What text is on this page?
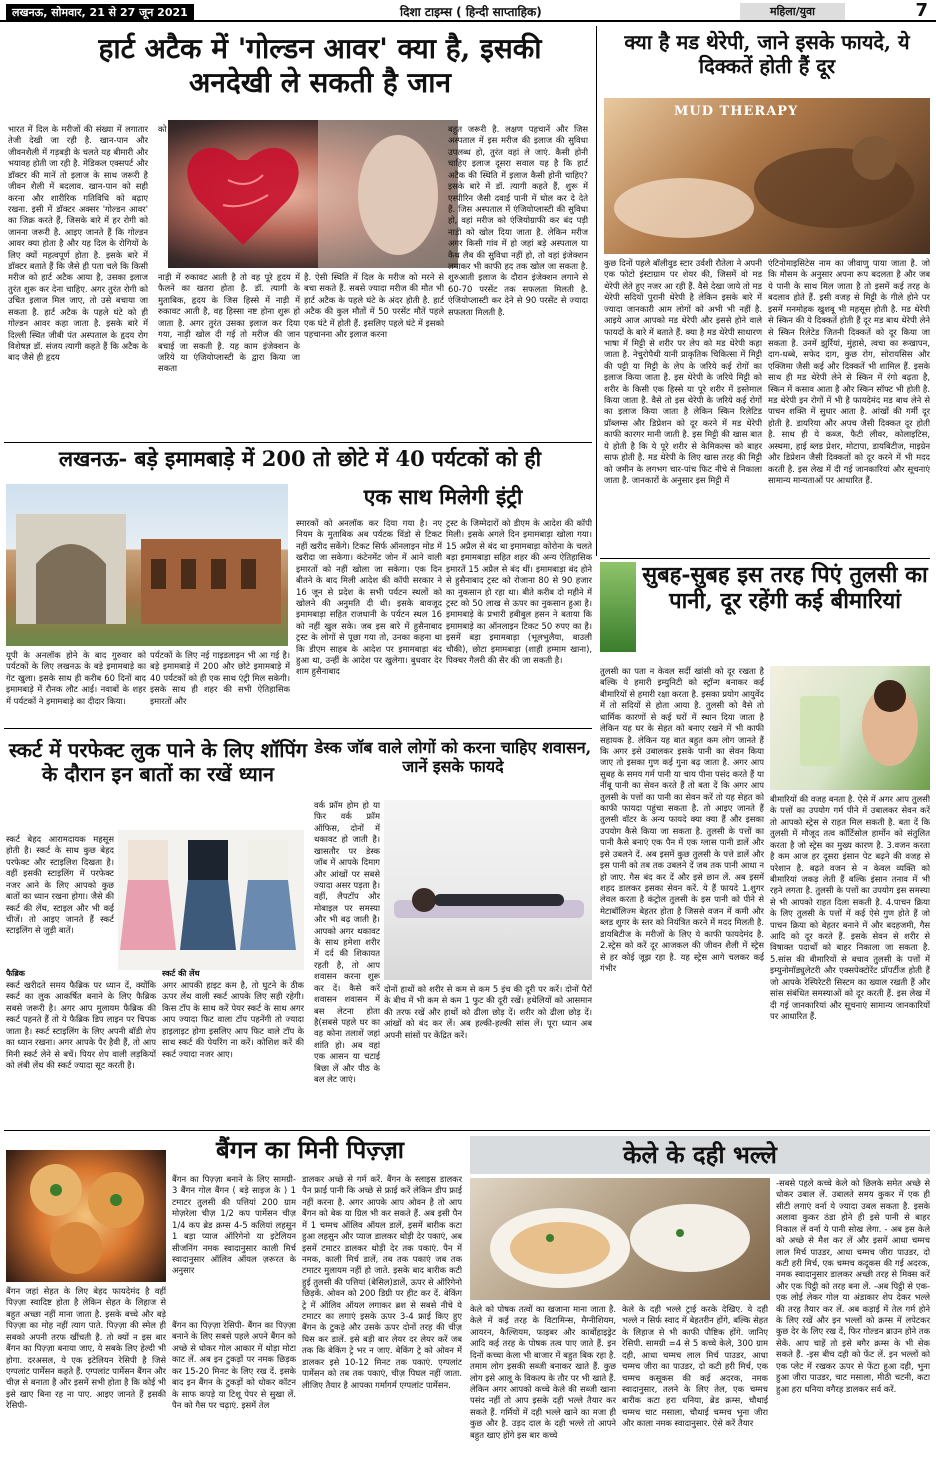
लखनऊ, सोमवार, 21 से 27 जून 2021	दिशा टाइम्स ( हिन्दी साप्ताहिक)	महिला/युवा	7
हार्ट अटैक में 'गोल्डन आवर' क्या है, इसकी अनदेखी ले सकती है जान
भारत में दिल के मरीजों की संख्या में लगातार तेजी देखी जा रही है. खान-पान और जीवनशैली में गड़बड़ी के चलते यह बीमारी और भयावह होती जा रही है. मेडिकल एक्सपर्ट और डॉक्टर की मानें तो इलाज के साथ जरूरी है जीवन शैली में बदलाव. खान-पान को सही करना और शारीरिक गतिविधि को बढ़ाए रखना. इसी में डॉक्टर अक्सर 'गोल्डन आवर' का जिक्र करते हैं, जिसके बारे में हर रोगी को जानना जरूरी है. आइए जानते हैं कि गोल्डन आवर क्या होता है और यह दिल के रोगियों के लिए क्यों महत्वपूर्ण होता है. इसके बारे में डॉक्टर बताते हैं कि जैसे ही पता चले कि किसी मरीज को हार्ट अटैक आया है, उसका इलाज तुरंत शुरू कर देना चाहिए. अगर तुरंत रोगी को उचित इलाज मिल जाए, तो उसे बचाया जा सकता है. हार्ट अटैक के पहले घंटे को ही गोल्डन आवर कहा जाता है. इसके बारे में दिल्ली स्थित जीबी पंत अस्पताल के हृदय रोग विशेषज्ञ डॉ. संजय त्यागी कहते हैं कि अटैक के बाद जैसे ही हृदय
को
नाड़ी में रुकावट आती है तो वह पूरे हृदय में फैलने का खतरा होता है. डॉ. त्यागी के मुताबिक, हृदय के जिस हिस्से में नाड़ी में रुकावट आती है, वह हिस्सा नष्ट होना शुरू हो जाता है. अगर तुरंत उसका इलाज कर दिया गया, नाड़ी खोल दी गई तो मरीज की जान बचाई जा सकती है. यह काम इंजेक्शन के जरिये या एंजियोप्लास्टी के द्वारा किया जा सकता
है. ऐसी स्थिति में दिल के मरीज को मरने से बचा सकते हैं. सबसे ज्यादा मरीज की मौत भी हार्ट अटैक के पहले घंटे के अंदर होती है. हार्ट अटैक की कुल मौतों में 50 परसेंट मौतें पहले एक घंटे में होती हैं. इसलिए पहले घंटे में इसको पहचानना और इलाज करना
बहुत जरूरी है. लक्षण पहचानें और जिस अस्पताल में इस मरीज की इलाज की सुविधा उपलब्ध हो, तुरंत वहां ले जाएं. कैसी होनी चाहिए इलाज दूसरा सवाल यह है कि हार्ट अटैक की स्थिति में इलाज कैसी होनी चाहिए? इसके बारे में डॉ. त्यागी कहते हैं, शुरू में एस्पीरिन जैसी दवाई पानी में घोल कर दे देते हैं. जिस अस्पताल में एंजियोप्लास्टी की सुविधा हो, वहां मरीज को एंजियोग्राफी कर बंद पड़ी नाड़ी को खोल दिया जाता है. लेकिन मरीज अगर किसी गांव में हो जहां बड़े अस्पताल या कैथ लैब की सुविधा नहीं हो, तो वहां इंजेक्शन लगाकर भी काफी हद तक खोल जा सकता है. शुरुआती इलाज के दौरान इंजेक्शन लगाने से 60-70 परसेंट तक सफलता मिलती है. एंजियोप्लास्टी कर देने से 90 परसेंट से ज्यादा सफलता मिलती है.
क्या है मड थेरेपी, जाने इसके फायदे, ये दिक्कतें होती हैं दूर
MUD THERAPY
कुछ दिनों पहले बॉलीवुड स्टार उर्वशी रौतेला ने अपनी एक फोटो इंस्टाग्राम पर शेयर की, जिसमें वो मड थेरेपी लेते हुए नजर आ रही हैं. वैसे देखा जाये तो मड थेरेपी सदियों पुरानी थेरेपी है लेकिन इसके बारे में ज्यादा जानकारी आम लोगों को अभी भी नहीं है. आइये आज आपको मड थेरेपी और इससे होने वाले फायदों के बारे में बताते हैं. क्या है मड थेरेपी साधारण भाषा में मिट्टी से शरीर पर लेप को मड थेरेपी कहा जाता है. नेचुरोपैथी यानी प्राकृतिक चिकित्सा में मिट्टी की पट्टी या मिट्टी के लेप के जरिये कई रोगों का इलाज किया जाता है. इस थेरेपी के जरिये मिट्टी को शरीर के किसी एक हिस्से या पूरे शरीर में इस्तेमाल किया जाता है. वैसे तो इस थेरेपी के जरिये कई रोगों का इलाज किया जाता है लेकिन स्किन रिलेटिड प्रॉब्लम्स और डिप्रेशन को दूर करने में मड थेरेपी काफी कारगर मानी जाती है. इस मिट्टी की खास बात ये होती है कि ये पूरे शरीर से केमिकल्स को बाहर साफ होती है. मड थेरेपी के लिए खास तरह की मिट्टी को जमीन के लगभग चार-पांच फिट नीचे से निकाला जाता है. जानकारों के अनुसार इस मिट्टी में
एंटिनोमाइसिटेस नाम का जीवाणु पाया जाता है. जो कि मौसम के अनुसार अपना रूप बदलता है और जब ये पानी के साथ मिल जाता है तो इसमें कई तरह के बदलाव होते हैं. इसी वजह से मिट्टी के गीले होने पर इसमें मनमोहक खुशबू भी महसूस होती है. मड थेरेपी से स्किन की ये दिक्कतें होती हैं दूर मड बाथ थेरेपी लेने से स्किन रिलेटेड जितनी दिक्कतें को दूर किया जा सकता है. उनमें झुर्रियां, मुंहासे, त्वचा का रूखापन, दाग-धब्बे, सफेद दाग, कुछ रोग, सोरायसिस और एक्जिमा जैसी कई और दिक्कतें भी शामिल हैं. इसके साथ ही मड थेरेपी लेने से स्किन में रंगो बढ़ता है, स्किन में कसाव आता है और स्किन सॉफ्ट भी होती है. मड थेरेपी इन रोगों में भी है फायदेमंद मड बाथ लेने से पाचन शक्ति में सुधार आता है. आंखों की गर्मी दूर होती है. डायरिया और अपच जैसी दिक्कत दूर होती है. साथ ही ये कब्ज, फैटी लीवर, कोलाइटिस, अस्थमा, हाई ब्लड प्रेशर, मोटापा, डायबिटीज, माइग्रेन और डिप्रेशन जैसी दिक्कतों को दूर करने में भी मदद करती है. इस लेख में दी गई जानकारियां और सूचनाएं सामान्य मान्यताओं पर आधारित हैं.
लखनऊ- बड़े इमामबाड़े में 200 तो छोटे में 40 पर्यटकों को ही
एक साथ मिलेगी इंट्री
यूपी के अनलॉक होने के बाद गुरुवार को पर्यटकों के लिए लखनऊ के बड़े इमामबाड़े का गेट खुला। इसके साथ ही करीब 60 दिनों बाद इमामबाड़े में रौनक लौट आई। नवाबों के शहर में पर्यटकों ने इमामबाड़े का दीदार किया।
पर्यटकों के लिए नई गाइडलाइन भी आ गई है। बड़े इमामबाड़े में 200 और छोटे इमामबाड़े में 40 पर्यटकों को ही एक साथ एंट्री मिल सकेगी। इसके साथ ही शहर की सभी ऐतिहासिक इमारतों और
स्मारकों को अनलॉक कर दिया गया है। नए नियम के मुताबिक अब पर्यटक विंडो से टिकट नहीं खरीद सकेंगे। टिकट सिर्फ ऑनलाइन मोड में खरीदा जा सकेगा। कंटेनमेंट जोन में आने वाली इमारतों को नहीं खोला जा सकेगा। एक दिन बीतने के बाद मिली आदेश की कॉपी सरकार ने 16 जून से प्रदेश के सभी पर्यटन स्थलों को खोलने की अनुमति दी थी। इसके बावजूद इमामबाड़ा सहित राजधानी के पर्यटन स्थल 16 को नहीं खुल सके। जब इस बारे में हुसैनाबाद ट्रस्ट के लोगों से पूछा गया तो, उनका कहना था कि डीएम साहब के आदेश पर इमामबाड़ा बंद हुआ था, उन्हीं के आदेश पर खुलेगा। बुधवार देर शाम हुसैनाबाद
ट्रस्ट के जिम्मेदारों को डीएम के आदेश की कॉपी मिली। इसके अगले दिन इमामबाड़ा खोला गया। 15 अप्रैल से बंद था इमामबाड़ा कोरोना के चलते बड़ा इमामबाड़ा सहित शहर की अन्य ऐतिहासिक इमारतें 15 अप्रैल से बंद थीं। इमामबाड़ा बंद होने से हुसैनाबाद ट्रस्ट को रोजाना 80 से 90 हजार का नुकसान हो रहा था। बीते करीब दो महीने में ट्रस्ट को 50 लाख से ऊपर का नुकसान हुआ है। इमामबाड़े के प्रभारी हबीबुल हसन ने बताया कि इमामबाड़े का ऑनलाइन टिकट 50 रुपए का है। इसमें बड़ा इमामबाड़ा (भूलभुलैया, बाउली चौकी), छोटा इमामबाड़ा (शाही हम्माम खाना), पिक्चर गैलरी की सैर की जा सकती है।
सुबह-सुबह इस तरह पिएं तुलसी का पानी, दूर रहेंगी कई बीमारियां
तुलसी का पता न केवल सर्दी खांसी को दूर रखता है बल्कि ये हमारी इम्युनिटी को स्ट्रॉन्ग बनाकर कई बीमारियों से हमारी रक्षा करता है. इसका प्रयोग आयुर्वेद में तो सदियों से होता आया है. तुलसी को वैसे तो धार्मिक कारणों से कई घरों में स्थान दिया जाता है लेकिन यह घर के सेहत को बनाए रखने में भी काफी सहायक है. लेकिन यह बात बहुत कम लोग जानते हैं कि अगर इसे उबालकर इसके पानी का सेवन किया जाए तो इसका गुण कई गुना बढ़ जाता है. अगर आप सुबह के समय गर्म पानी या चाय पीना पसंद करते हैं या नींबू पानी का सेवन करते हैं तो बता दें कि अगर आप तुलसी के पत्तों का पानी का सेवन करें तो यह सेहत को काफी फायदा पहुंचा सकता है. तो आइए जानते हैं तुलसी वॉटर के अन्य फायदे क्या क्या हैं और इसका उपयोग कैसे किया जा सकता है. तुलसी के पत्तों का पानी कैसे बनाएं एक पैन में एक ग्लास पानी डालें और इसे उबलने दें. अब इसमें कुछ तुलसी के पत्ते डालें और इस पानी को तब तक उबलने दें जब तक पानी आधा न हो जाए. गैस बंद कर दें और इसे छान लें. अब इसमें शहद डालकर इसका सेवन करें. ये हैं फायदे 1.शुगर लेवल करता है कंट्रोल तुलसी के इस पानी को पीने से मेटाबॉलिज्म बेहतर होता है जिससे वजन में कमी और ब्लड शुगर के स्तर को नियंत्रित करने में मदद मिलती है. डायबिटीज के मरीजों के लिए ये काफी फायदेमंद है. 2.स्ट्रेस को करें दूर आजकल की जीवन शैली में स्ट्रेस से हर कोई जूझ रहा है. यह स्ट्रेस आगे चलकर कई गंभीर
बीमारियों की वजह बनता है. ऐसे में अगर आप तुलसी के पत्तों का उपयोग गर्म पीने में उबालकर सेवन करें तो आपको स्ट्रेस से राहत मिल सकती है. बता दें कि तुलसी में मौजूद तत्व कॉर्टिसोल हार्मोन को संतुलित करता है जो स्ट्रेस का मुख्य कारण है. 3.वजन करता है कम आज हर दूसरा इंसान पेट बढ़ने की वजह से परेशान है. बढ़ते वजन से न केवल व्यक्ति को बीमारियां जकड़ लेती हैं बल्कि इंसान तनाव में भी रहने लगता है. तुलसी के पत्तों का उपयोग इस समस्या से भी आपको राहत दिला सकती है. 4.पाचन क्रिया के लिए तुलसी के पत्तों में कई ऐसे गुण होते हैं जो पाचन क्रिया को बेहतर बनाने में और बदहजमी, गैस आदि को दूर करते हैं. इसके सेवन से शरीर से विषाक्त पदार्थों को बाहर निकाला जा सकता है. 5.सांस की बीमारियों से बचाव तुलसी के पत्तों में इम्युनोमॉड्युलेटरी और एक्सपेक्टोरेंट प्रॉपर्टीज होती हैं जो आपके रेस्पिरेटरी सिस्टम का ख्याल रखती हैं और सांस संबंधित समस्याओं को दूर करती हैं. इस लेख में दी गई जानकारियां और सूचनाएं सामान्य जानकारियों पर आधारित हैं.
स्कर्ट में परफेक्ट लुक पाने के लिए शॉपिंग के दौरान इन बातों का रखें ध्यान
स्कर्ट बेहद आरामदायक महसूस होती है। स्कर्ट के साथ कुछ बेहद परफेक्ट और स्टाइलिश दिखता है। वहीं इसकी स्टाइलिंग में परफेक्ट नजर आने के लिए आपको कुछ बातों का ध्यान रखना होगा। जैसे की स्कर्ट की लेंथ, स्टाइल और भी कई चीजें। तो आइए जानते हैं स्कर्ट स्टाइलिंग से जुड़ी बातें।
फैब्रिक	स्कर्ट की लेंथ
स्कर्ट खरीदते समय फैब्रिक पर ध्यान दें, क्योंकि स्कर्ट का लुक आकर्षित बनाने के लिए फैब्रिक सबसे जरूरी है। अगर आप मुलायम फैब्रिक की स्कर्ट पहनते हैं तो ये फैब्रिक डिप लाइन पर चिपक जाता है। स्कर्ट स्टाइलिंग के लिए अपनी बॉडी शेप का ध्यान रखना। अगर आपके पैर हैवी हैं, तो आप मिनी स्कर्ट लेने से बचें। पियर शेप वाली लड़कियों को लंबी लेंथ की स्कर्ट ज्यादा सूट करती है।
अगर आपकी हाइट कम है, तो घुटने के ठीक ऊपर लेंथ वाली स्कर्ट आपके लिए सही रहेगी। किस टॉप के साथ करें पेयर स्कर्ट के साथ अगर आप ज्यादा फिट वाला टॉप पहनेंगी तो ज्यादा हाइलाइट होगा इसलिए आप फिट वाले टॉप के साथ स्कर्ट की पेयरिंग ना करें। कोशिश करें की स्कर्ट ज्यादा नजर आए।
डेस्क जॉब वाले लोगों को करना चाहिए शवासन, जानें इसके फायदे
वर्क फ्रॉम होम हो या फिर वर्क फ्रॉम ऑफिस, दोनों में थकावट हो जाती है। खासतौर पर डेस्क जॉब में आपके दिमाग और आंखों पर सबसे ज्यादा असर पड़ता है। वहीं, लैपटॉप और मोबाइल पर समस्या और भी बढ़ जाती है। आपको अगर थकावट के साथ हमेशा शरीर में दर्द की शिकायत रहती है, तो आप शवासन करना शुरू कर दें। कैसे करें शवासन शवासन में बस लेटना होता है(सबसे पहले घर का वह कोना तलाशें जहां शांति हो। अब वहां एक आसन या चटाई बिछा लें और पीठ के बल लेट जाएं।
दोनों हाथों को शरीर से कम से कम 5 इंच की दूरी पर करें। दोनों पैरों के बीच में भी कम से कम 1 फुट की दूरी रखें। हथेलियों को आसमान की तरफ रखें और हाथों को ढीला छोड़ दें। शरीर को ढीला छोड़ दें। आंखों को बंद कर लें। अब हल्की-हल्की सांस लें। पूरा ध्यान अब अपनी सांसों पर केंद्रित करें।
बैंगन का मिनी पिज़्ज़ा
बैंगन का पिज़्ज़ा बनाने के लिए सामग्री- 3 बैंगन गोल बैंगन ( बड़े साइज के ) 1 टमाटर तुलसी की पत्तियां 200 ग्राम मोज़रेला चीज़ 1/2 कप पार्मेसन चीज़ 1/4 कप ब्रेड क्रम्स 4-5 कलियां लहसुन 1 बड़ा प्याज ऑरिगेनो या इटेलियन सीजनिंग नमक स्वादानुसार काली मिर्च स्वादानुसार ऑलिव ऑयल ज़रूरत के अनुसार
बैंगन का पिज़्ज़ा रेसिपी- बैंगन का पिज़्ज़ा बनाने के लिए सबसे पहले अपने बैंगन को अच्छे से धोकर गोल आकार में थोड़ा मोटा काट लें. अब इन टुकड़ों पर नमक छिड़क कर 15-20 मिनट के लिए रख दें. इसके बाद इन बैंगन के टुकड़ों को धोकर कॉटन के साफ कपड़े या टिशू पेपर से सुखा लें. पैन को गैस पर चढ़ाएं. इसमें तेल
बैंगन जहां सेहत के लिए बेहद फायदेमंद है वहीं पिज़्ज़ा स्वादिष्ट होता है लेकिन सेहत के लिहाज से बहुत अच्छा नहीं माना जाता है. इसके बच्चे और बड़े पिज़्ज़ा का मोह नहीं त्याग पाते. पिज़्ज़ा की स्मेल ही सबको अपनी तरफ खींचती है. तो क्यों न इस बार बैंगन का पिज़्ज़ा बनाया जाए, ये सबके लिए हेल्दी भी होगा. दरअसल, ये एक इटेलियन रेसिपी है जिसे एग्पलांट पार्मेसन कहते हैं. एग्पलांट पार्मेसन बैंगन और चीज़ से बनाता है और इसमें सभी होता है कि कोई भी इसे खाए बिना रह ना पाए. आइए जानते हैं इसकी रेसिपी-
डालकर अच्छे से गर्म करें. बैंगन के स्लाइस डालकर पैन फ्राई पानी कि अच्छे से फ्राई करें लेकिन डीप फ्राई नहीं करना है. अगर आपके आप ओवन है तो आप बैंगन को बेक या ग्रिल भी कर सकते हैं. अब इसी पैन में 1 चम्मच ऑलिव ऑयल डालें, इसमें बारीक कटा हुआ लहसुन और प्याज डालकर थोड़ी देर पकाएं, अब इसमें टमाटर डालकर थोड़ी देर तक पकाएं. पैन में नमक, काली मिर्च डालें, तब तक पकाएं जब तक टमाटर मुलायम नहीं हो जाते. इसके बाद बारीक कटी हुई तुलसी की पत्तियां (बेसिल)डालें, ऊपर से ऑरिगेनो छिड़कें. ओवन को 200 डिग्री पर हीट कर दें. बेकिंग ट्रे में ऑलिव ऑयल लगाकर ब्रश से सबसे नीचे ये टमाटर का लगाएं इसके ऊपर 3-4 फ्राई किए हुए बैंगन के टुकड़े और उसके ऊपर दोनों तरह की चीज़ घिस कर डालें. इसे बड़ी बार लेयर दर लेयर करें जब तक कि बेकिंग ट्रे भर न जाए. बेकिंग ट्रे को ओवन में डालकर इसे 10-12 मिनट तक पकाएं. एग्पलांट पार्मेसन को तब तक पकाएं, चीज़ पिघल नहीं जाता. लीजिए तैयार है आपका गर्मागर्म एग्पलांट पार्मेसन.
केले के दही भल्ले
केले को पोषक तत्वों का खजाना माना जाता है. केले में कई तरह के विटामिन्स, मैग्नीशियम, आयरन, कैल्शियम, फाइबर और कार्बोहाइड्रेट आदि कई तरह के पोषक तत्व पाए जाते हैं. इन दिनों कच्चा केला भी बाजार में बहुत बिक रहा है. तमाम लोग इसकी सब्जी बनाकर खाते हैं. कुछ लोग इसे आलू के विकल्प के तौर पर भी खाते हैं. लेकिन अगर आपको कच्चे केले की सब्जी खाना पसंद नहीं तो आप इसके दही भल्ले तैयार कर सकते हैं. गर्मियों में दही भल्ले खाने का मजा ही कुछ और है. उड़द दाल के दही भल्ले तो आपने बहुत खाए होंगे इस बार कच्चे
केले के दही भल्ले ट्राई करके देखिए. ये दही भल्ले न सिर्फ स्वाद में बेहतरीन होंगे, बल्कि सेहत के लिहाज से भी काफी पौष्टिक होंगे. जानिए रेसिपी. सामग्री =4 से 5 कच्चे केले, 300 ग्राम दही, आधा चम्मच लाल मिर्च पाउडर, आधा चम्मच जीरा का पाउडर, दो कटी हरी मिर्च, एक चम्मच कसूकस की कई अदरक, नमक स्वादानुसार, तलने के लिए तेल, एक चम्मच बारीक कटा हरा धनिया, ब्रेड क्रम्स, चौथाई चम्मच चाट मसाला, चौथाई चम्मच भुना जीरा और काला नमक स्वादानुसार. ऐसे करें तैयार
-सबसे पहले कच्चे केले को छिलके समेत अच्छे से धोकर उबाल लें. उबालते समय कुकर में एक ही सीटी लगाएं वर्ना ये ज्यादा उबल सकता है. इसके अलावा कुकर ठंडा होने ही इसे पानी से बाहर निकाल लें वर्ना ये पानी सोख लेगा. - अब इस केले को अच्छे से मैश कर लें और इसमें आधा चम्मच लाल मिर्च पाउडर, आधा चम्मच जीरा पाउडर, दो कटी हरी मिर्च, एक चम्मच कदूकस की गई अदरक, नमक स्वादानुसार डालकर अच्छी तरह से मिक्स करें और एक पिट्ठी को तरह बना लें. -अब पिट्ठी से एक-एक लोई लेकर गोल या अंडाकार शेप देकर भल्ले की तरह तैयार कर लें. अब कड़ाई में तेल गर्म होने के लिए रखें और इन भल्लों को क्रम्स में लपेटकर कुछ देर के लिए रख दें, फिर गोल्डन ब्राउन होने तक सेकें. आप चाहें तो इसे बगैर क्रम्स के भी सेक सकते हैं. -इस बीच दही को फेंट लें. इन भल्लों को एक प्लेट में रखकर ऊपर से फेंटा हुआ दही, भुना हुआ जीरा पाउडर, चाट मसाला, मीठी चटनी, कटा हुआ हरा धनिया वगैरह डालकर सर्व करें.
